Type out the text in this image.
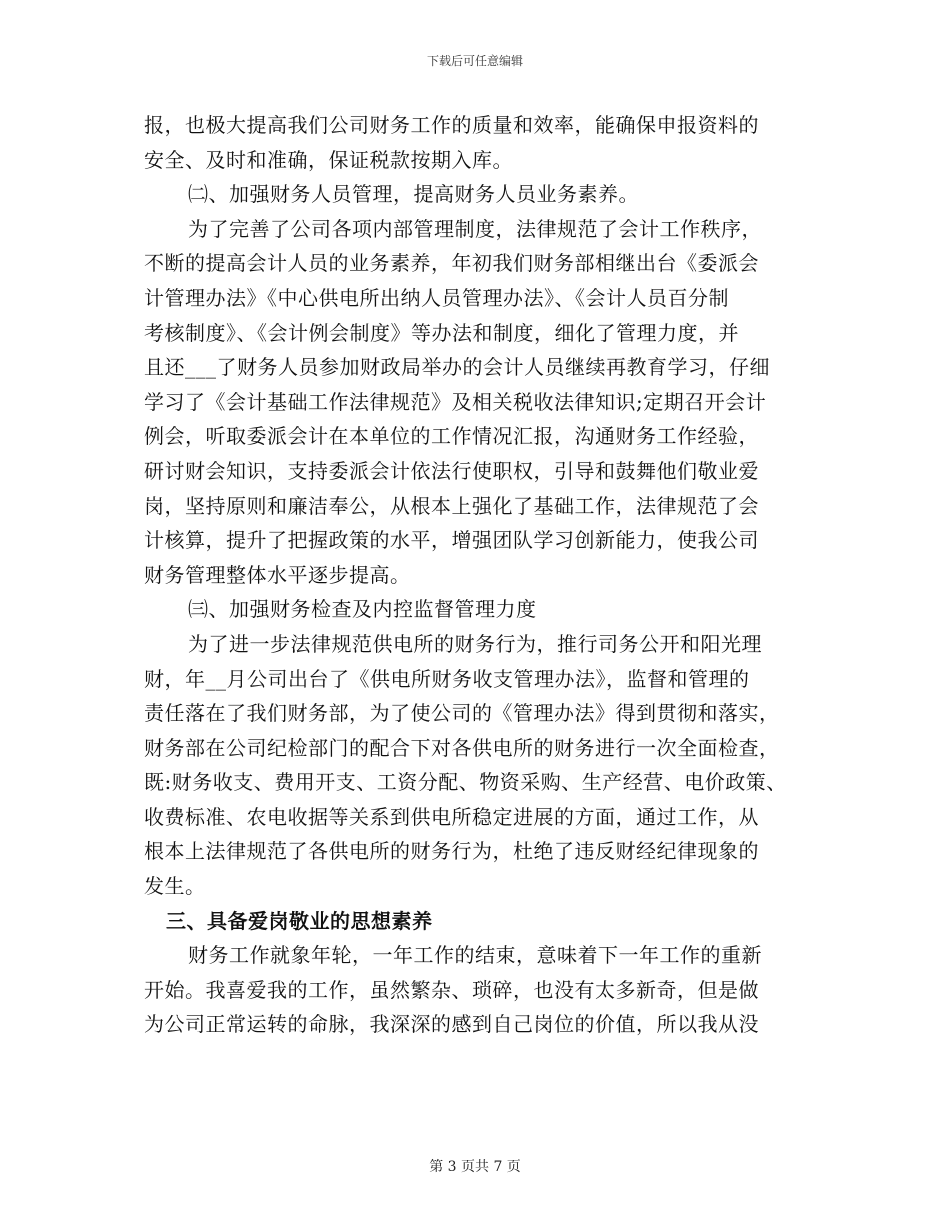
下载后可任意编辑
报，也极大提高我们公司财务工作的质量和效率，能确保申报资料的
安全、及时和准确，保证税款按期入库。
㈡、加强财务人员管理，提高财务人员业务素养。
为了完善了公司各项内部管理制度，法律规范了会计工作秩序，
不断的提高会计人员的业务素养，年初我们财务部相继出台《委派会
计管理办法》《中心供电所出纳人员管理办法》、《会计人员百分制
考核制度》、《会计例会制度》等办法和制度，细化了管理力度，并
且还___了财务人员参加财政局举办的会计人员继续再教育学习，仔细
学习了《会计基础工作法律规范》及相关税收法律知识;定期召开会计
例会，听取委派会计在本单位的工作情况汇报，沟通财务工作经验，
研讨财会知识，支持委派会计依法行使职权，引导和鼓舞他们敬业爱
岗，坚持原则和廉洁奉公，从根本上强化了基础工作，法律规范了会
计核算，提升了把握政策的水平，增强团队学习创新能力，使我公司
财务管理整体水平逐步提高。
㈢、加强财务检查及内控监督管理力度
为了进一步法律规范供电所的财务行为，推行司务公开和阳光理
财，年__月公司出台了《供电所财务收支管理办法》，监督和管理的
责任落在了我们财务部，为了使公司的《管理办法》得到贯彻和落实，
财务部在公司纪检部门的配合下对各供电所的财务进行一次全面检查，
既:财务收支、费用开支、工资分配、物资采购、生产经营、电价政策、
收费标准、农电收据等关系到供电所稳定进展的方面，通过工作，从
根本上法律规范了各供电所的财务行为，杜绝了违反财经纪律现象的
发生。
三、具备爱岗敬业的思想素养
财务工作就象年轮，一年工作的结束，意味着下一年工作的重新
开始。我喜爱我的工作，虽然繁杂、琐碎，也没有太多新奇，但是做
为公司正常运转的命脉，我深深的感到自己岗位的价值，所以我从没
第 3 页共 7 页
